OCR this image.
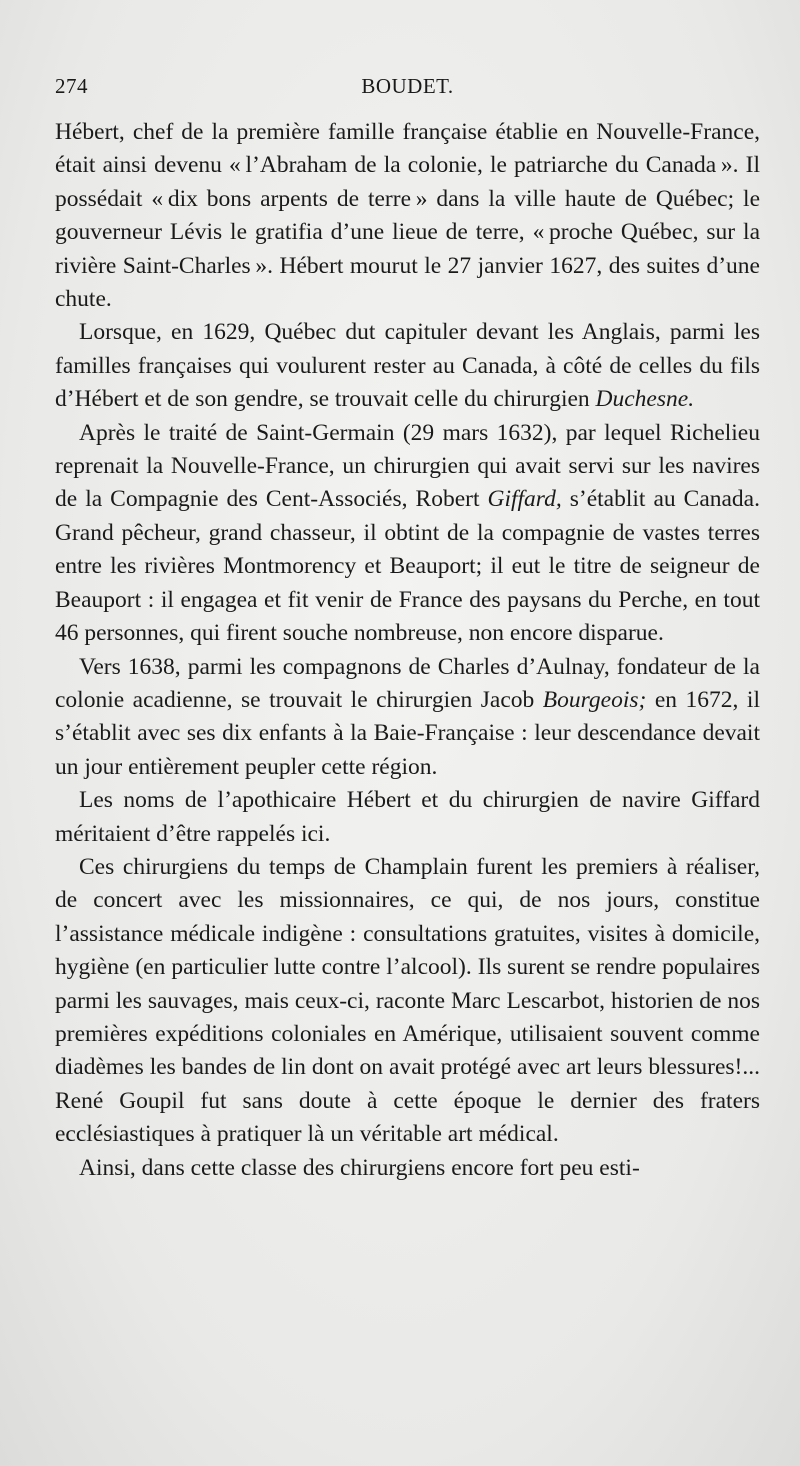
274	BOUDET.

Hébert, chef de la première famille française établie en Nouvelle-France, était ainsi devenu « l’Abraham de la colonie, le patriarche du Canada ». Il possédait « dix bons arpents de terre » dans la ville haute de Québec; le gouverneur Lévis le gratifia d’une lieue de terre, « proche Québec, sur la rivière Saint-Charles ». Hébert mourut le 27 janvier 1627, des suites d’une chute.

Lorsque, en 1629, Québec dut capituler devant les Anglais, parmi les familles françaises qui voulurent rester au Canada, à côté de celles du fils d’Hébert et de son gendre, se trouvait celle du chirurgien Duchesne.

Après le traité de Saint-Germain (29 mars 1632), par lequel Richelieu reprenait la Nouvelle-France, un chirurgien qui avait servi sur les navires de la Compagnie des Cent-Associés, Robert Giffard, s’établit au Canada. Grand pêcheur, grand chasseur, il obtint de la compagnie de vastes terres entre les rivières Montmorency et Beauport; il eut le titre de seigneur de Beauport : il engagea et fit venir de France des paysans du Perche, en tout 46 personnes, qui firent souche nombreuse, non encore disparue.

Vers 1638, parmi les compagnons de Charles d’Aulnay, fondateur de la colonie acadienne, se trouvait le chirurgien Jacob Bourgeois; en 1672, il s’établit avec ses dix enfants à la Baie-Française : leur descendance devait un jour entièrement peupler cette région.

Les noms de l’apothicaire Hébert et du chirurgien de navire Giffard méritaient d’être rappelés ici.

Ces chirurgiens du temps de Champlain furent les premiers à réaliser, de concert avec les missionnaires, ce qui, de nos jours, constitue l’assistance médicale indigène : consultations gratuites, visites à domicile, hygiène (en particulier lutte contre l’alcool). Ils surent se rendre populaires parmi les sauvages, mais ceux-ci, raconte Marc Lescarbot, historien de nos premières expéditions coloniales en Amérique, utilisaient souvent comme diadèmes les bandes de lin dont on avait protégé avec art leurs blessures!... René Goupil fut sans doute à cette époque le dernier des fraters ecclésiastiques à pratiquer là un véritable art médical.

Ainsi, dans cette classe des chirurgiens encore fort peu esti-
